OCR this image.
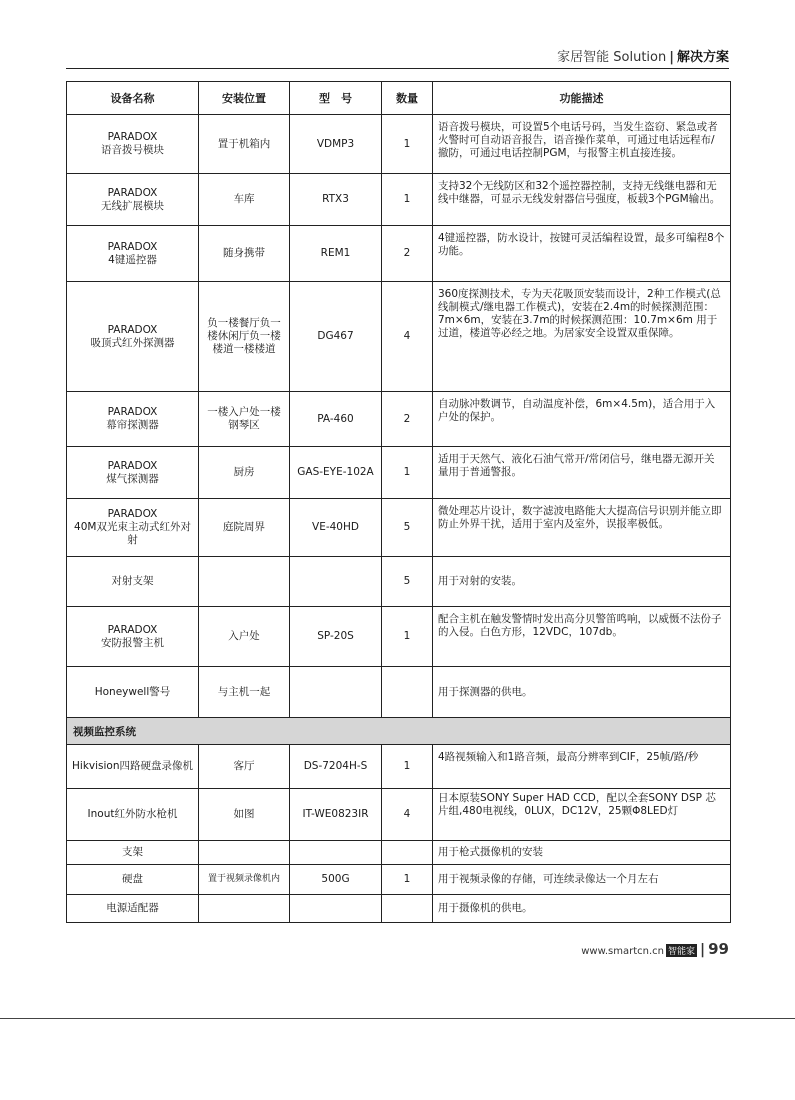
家居智能 Solution | 解决方案
设备名称	安装位置	型　号	数量	功能描述
PARADOX
语音拨号模块	置于机箱内	VDMP3	1	语音拨号模块，可设置5个电话号码，当发生盗窃、紧急或者火警时可自动语音报告，语音操作菜单，可通过电话远程布/撤防，可通过电话控制PGM，与报警主机直接连接。
PARADOX
无线扩展模块	车库	RTX3	1	支持32个无线防区和32个遥控器控制，支持无线继电器和无线中继器，可显示无线发射器信号强度，板载3个PGM输出。
PARADOX
4键遥控器	随身携带	REM1	2	4键遥控器，防水设计，按键可灵活编程设置，最多可编程8个功能。
PARADOX
吸顶式红外探测器	负一楼餐厅负一楼休闲厅负一楼楼道一楼楼道	DG467	4	360度探测技术，专为天花吸顶安装而设计，2种工作模式(总线制模式/继电器工作模式)，安装在2.4m的时候探测范围：7m×6m，安装在3.7m的时候探测范围：10.7m×6m 用于过道，楼道等必经之地。为居家安全设置双重保障。
PARADOX
幕帘探测器	一楼入户处一楼钢琴区	PA-460	2	自动脉冲数调节，自动温度补偿，6m×4.5m)，适合用于入户处的保护。
PARADOX
煤气探测器	厨房	GAS-EYE-102A	1	适用于天然气、液化石油气常开/常闭信号，继电器无源开关量用于普通警报。
PARADOX
40M双光束主动式红外对射	庭院周界	VE-40HD	5	微处理芯片设计，数字滤波电路能大大提高信号识别并能立即防止外界干扰，适用于室内及室外，误报率极低。
对射支架			5	用于对射的安装。
PARADOX
安防报警主机	入户处	SP-20S	1	配合主机在触发警情时发出高分贝警笛鸣响，以威慑不法份子的入侵。白色方形，12VDC，107db。
Honeywell警号	与主机一起			用于探测器的供电。
视频监控系统				
Hikvision四路硬盘录像机	客厅	DS-7204H-S	1	4路视频输入和1路音频，最高分辨率到CIF，25帧/路/秒
Inout红外防水枪机	如图	IT-WE0823IR	4	日本原装SONY Super HAD CCD，配以全套SONY DSP 芯片组,480电视线，0LUX，DC12V，25颗Φ8LED灯
支架				用于枪式摄像机的安装
硬盘	置于视频录像机内	500G	1	用于视频录像的存储，可连续录像达一个月左右
电源适配器				用于摄像机的供电。
www.smartcn.cn 智能家 | 99
